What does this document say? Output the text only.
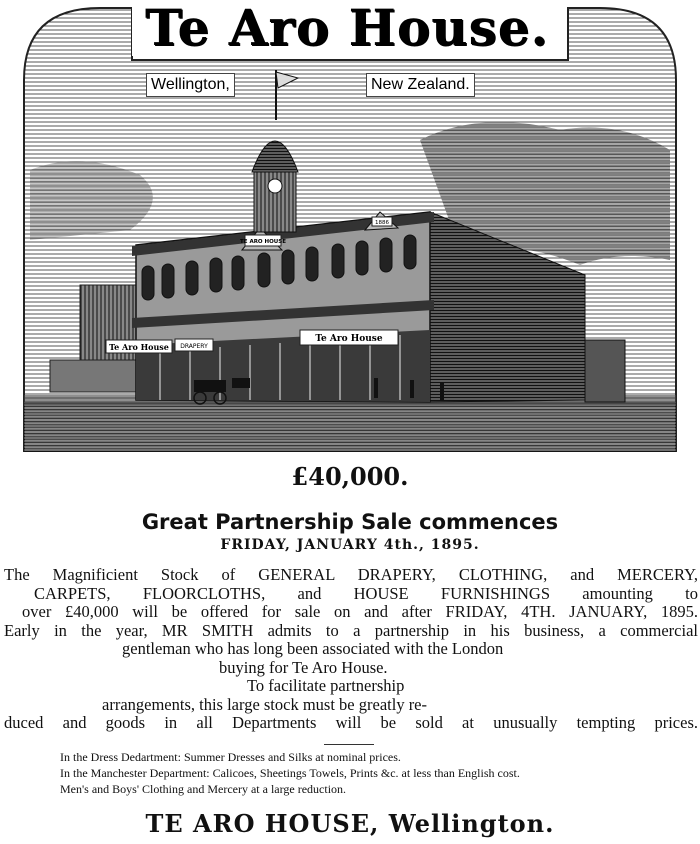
Te Aro House DRAPERY
Te Aro House
TE ARO HOUSE
1886
Te Aro House.
Wellington,	New Zealand.
£40,000.
Great Partnership Sale commences
FRIDAY, JANUARY 4th., 1895.
The Magnificient Stock of GENERAL DRAPERY, CLOTHING, and MERCERY,
CARPETS, FLOORCLOTHS, and HOUSE FURNISHINGS amounting to
over £40,000 will be offered for sale on and after FRIDAY, 4TH. JANUARY, 1895.
Early in the year, MR SMITH admits to a partnership in his business, a commercial
gentleman who has long been associated with the London
buying for Te Aro House.
To facilitate partnership
arrangements, this large stock must be greatly re-
duced and goods in all Departments will be sold at unusually tempting prices.
In the Dress Dedartment: Summer Dresses and Silks at nominal prices.
In the Manchester Department: Calicoes, Sheetings Towels, Prints &c. at less than English cost.
Men's and Boys' Clothing and Mercery at a large reduction.
TE ARO HOUSE, Wellington.
